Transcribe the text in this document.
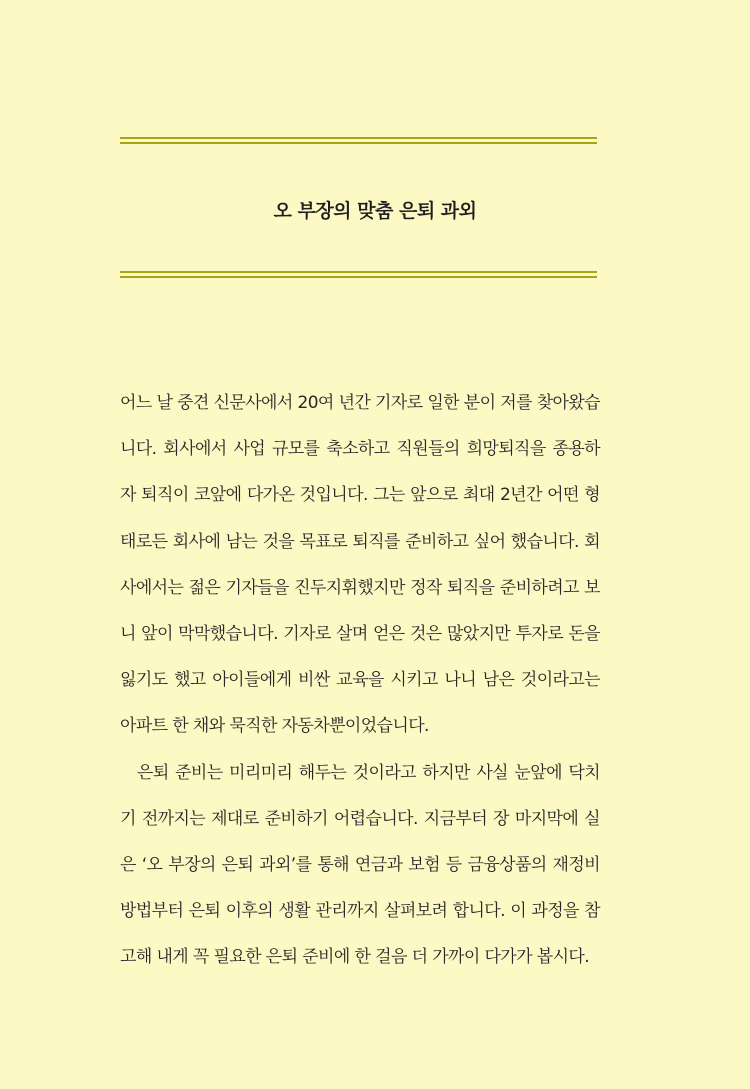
오 부장의 맞춤 은퇴 과외

어느 날 중견 신문사에서 20여 년간 기자로 일한 분이 저를 찾아왔습니다. 회사에서 사업 규모를 축소하고 직원들의 희망퇴직을 종용하자 퇴직이 코앞에 다가온 것입니다. 그는 앞으로 최대 2년간 어떤 형태로든 회사에 남는 것을 목표로 퇴직를 준비하고 싶어 했습니다. 회사에서는 젊은 기자들을 진두지휘했지만 정작 퇴직을 준비하려고 보니 앞이 막막했습니다. 기자로 살며 얻은 것은 많았지만 투자로 돈을 잃기도 했고 아이들에게 비싼 교육을 시키고 나니 남은 것이라고는 아파트 한 채와 묵직한 자동차뿐이었습니다.

은퇴 준비는 미리미리 해두는 것이라고 하지만 사실 눈앞에 닥치기 전까지는 제대로 준비하기 어렵습니다. 지금부터 장 마지막에 실은 ‘오 부장의 은퇴 과외’를 통해 연금과 보험 등 금융상품의 재정비 방법부터 은퇴 이후의 생활 관리까지 살펴보려 합니다. 이 과정을 참고해 내게 꼭 필요한 은퇴 준비에 한 걸음 더 가까이 다가가 봅시다.
